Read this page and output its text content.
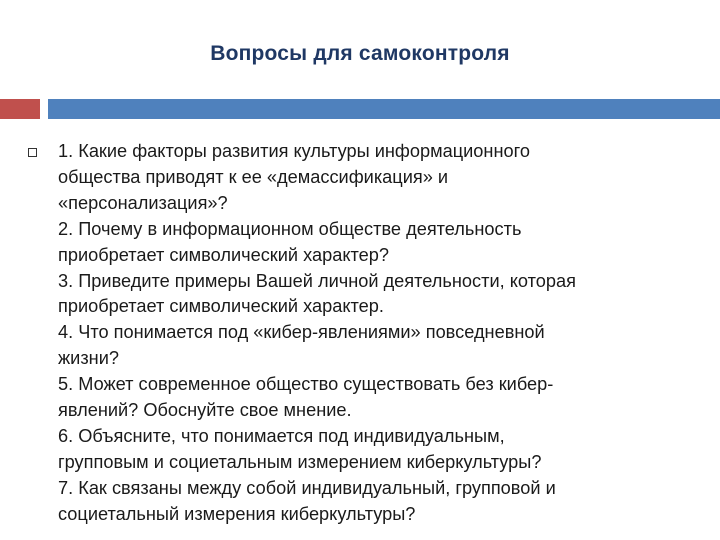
Вопросы для самоконтроля

1. Какие факторы развития культуры информационного

общества приводят к ее «демассификация» и

«персонализация»?

2. Почему в информационном обществе деятельность

приобретает символический характер?

3. Приведите примеры Вашей личной деятельности, которая

приобретает символический характер.

4. Что понимается под «кибер-явлениями» повседневной

жизни?

5. Может современное общество существовать без кибер-

явлений? Обоснуйте свое мнение.

6. Объясните, что понимается под индивидуальным,

групповым и социетальным измерением киберкультуры?

7. Как связаны между собой индивидуальный, групповой и

социетальный измерения киберкультуры?
